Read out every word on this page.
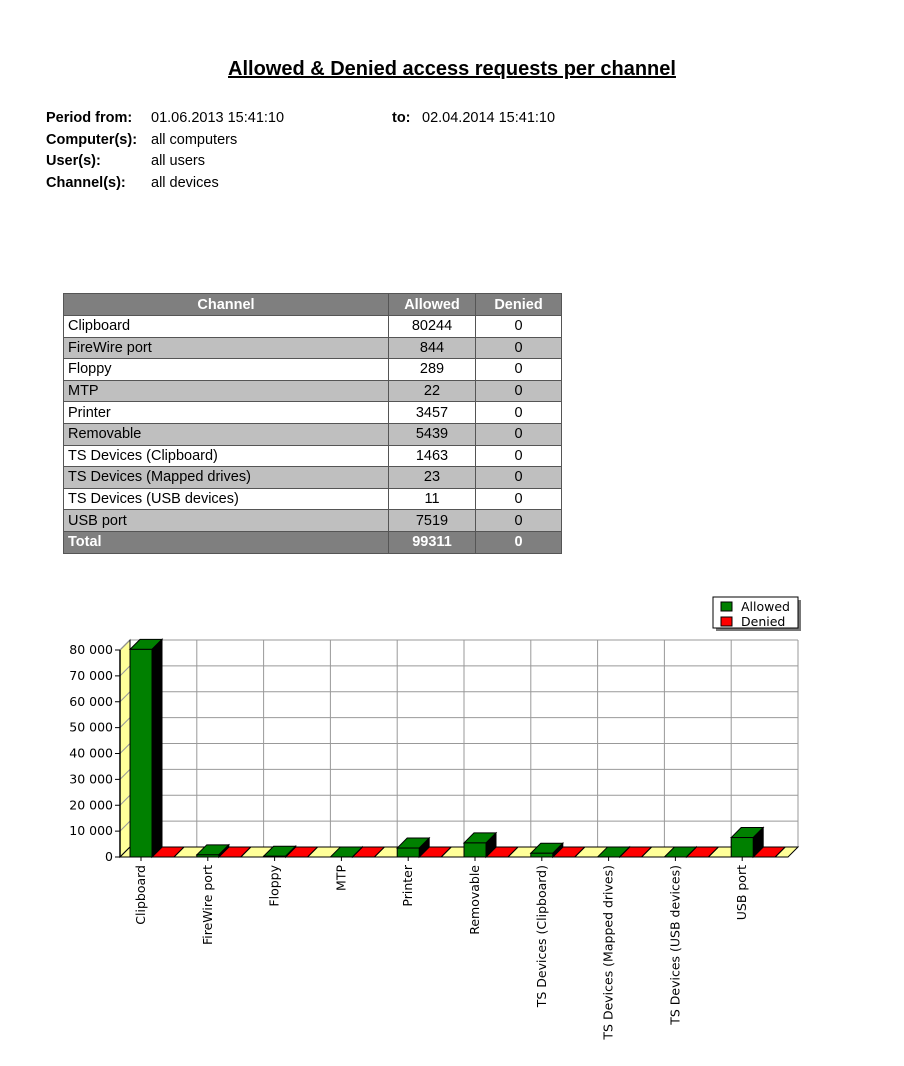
Allowed & Denied access requests per channel
Period from: 01.06.2013 15:41:10	to: 02.04.2014 15:41:10
Computer(s): all computers
User(s):	all users
Channel(s): all devices
Channel	Allowed	Denied
Clipboard	80244	0
FireWire port	844	0
Floppy	289	0
MTP	22	0
Printer	3457	0
Removable	5439	0
TS Devices (Clipboard)	1463	0
TS Devices (Mapped drives)	23	0
TS Devices (USB devices)	11	0
USB port	7519	0
Total	99311	0
0
10 000
20 000
30 000
40 000
50 000
60 000
70 000
80 000
Clipboard	FireWire port	Floppy	MTP	Printer	Removable	TS Devices (Clipboard)	TS Devices (Mapped drives)	TS Devices (USB devices)	USB port
Allowed
Denied
